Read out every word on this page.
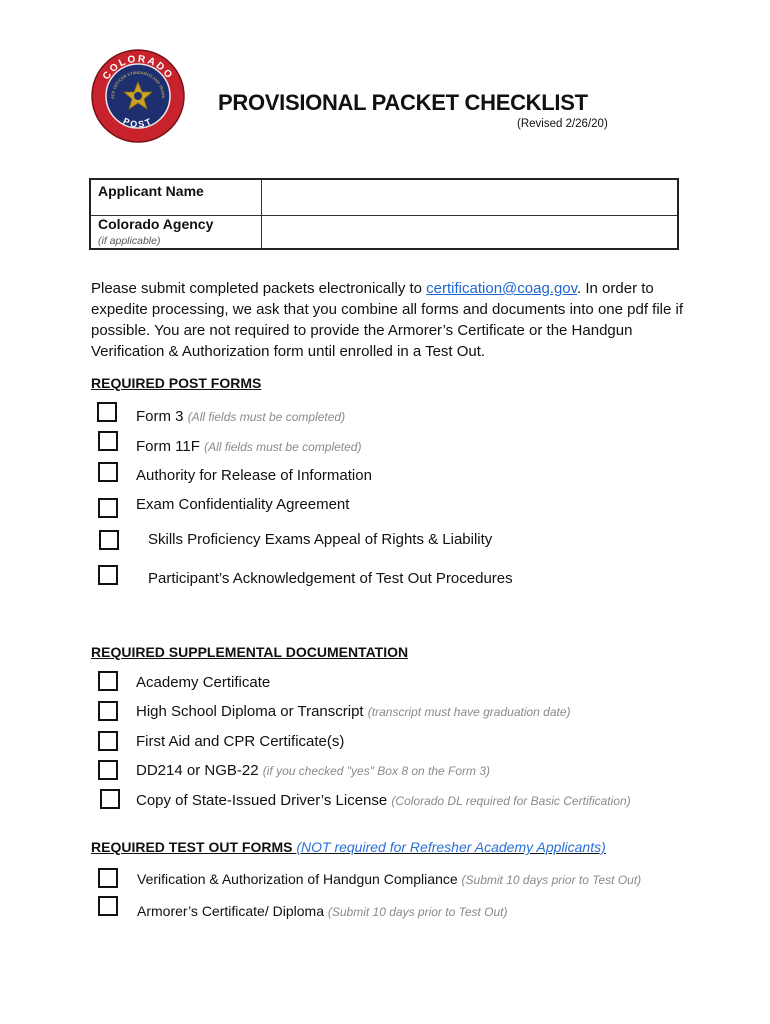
COLORADO
POST
ACE OFFICER STANDARDS AND TRAINI PROVISIONAL PACKET CHECKLIST
(Revised 2/26/20)
Applicant Name
Colorado Agency
(if applicable)
Please submit completed packets electronically to certification@coag.gov. In order to expedite processing, we ask that you combine all forms and documents into one pdf file if possible. You are not required to provide the Armorer’s Certificate or the Handgun Verification & Authorization form until enrolled in a Test Out.
REQUIRED POST FORMS
Form 3 (All fields must be completed)
Form 11F (All fields must be completed)
Authority for Release of Information
Exam Confidentiality Agreement
Skills Proficiency Exams Appeal of Rights & Liability
Participant’s Acknowledgement of Test Out Procedures
REQUIRED SUPPLEMENTAL DOCUMENTATION
Academy Certificate
High School Diploma or Transcript (transcript must have graduation date)
First Aid and CPR Certificate(s)
DD214 or NGB-22 (if you checked "yes" Box 8 on the Form 3)
Copy of State-Issued Driver’s License (Colorado DL required for Basic Certification)
REQUIRED TEST OUT FORMS (NOT required for Refresher Academy Applicants)
Verification & Authorization of Handgun Compliance (Submit 10 days prior to Test Out)
Armorer’s Certificate/ Diploma (Submit 10 days prior to Test Out)
